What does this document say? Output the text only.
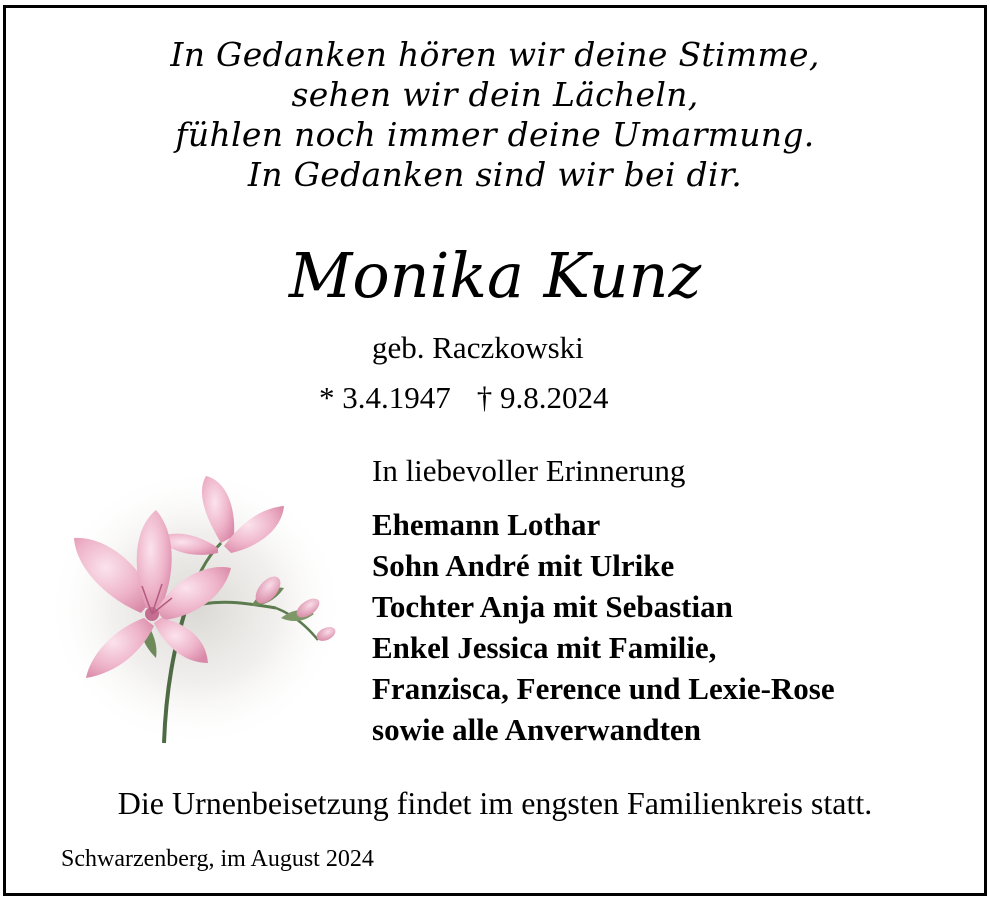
In Gedanken hören wir deine Stimme,
sehen wir dein Lächeln,
fühlen noch immer deine Umarmung.
In Gedanken sind wir bei dir.
Monika Kunz
geb. Raczkowski
* 3.4.1947 † 9.8.2024
In liebevoller Erinnerung
Ehemann Lothar
Sohn André mit Ulrike
Tochter Anja mit Sebastian
Enkel Jessica mit Familie,
Franzisca, Ference und Lexie-Rose
sowie alle Anverwandten
Die Urnenbeisetzung findet im engsten Familienkreis statt.
Schwarzenberg, im August 2024
